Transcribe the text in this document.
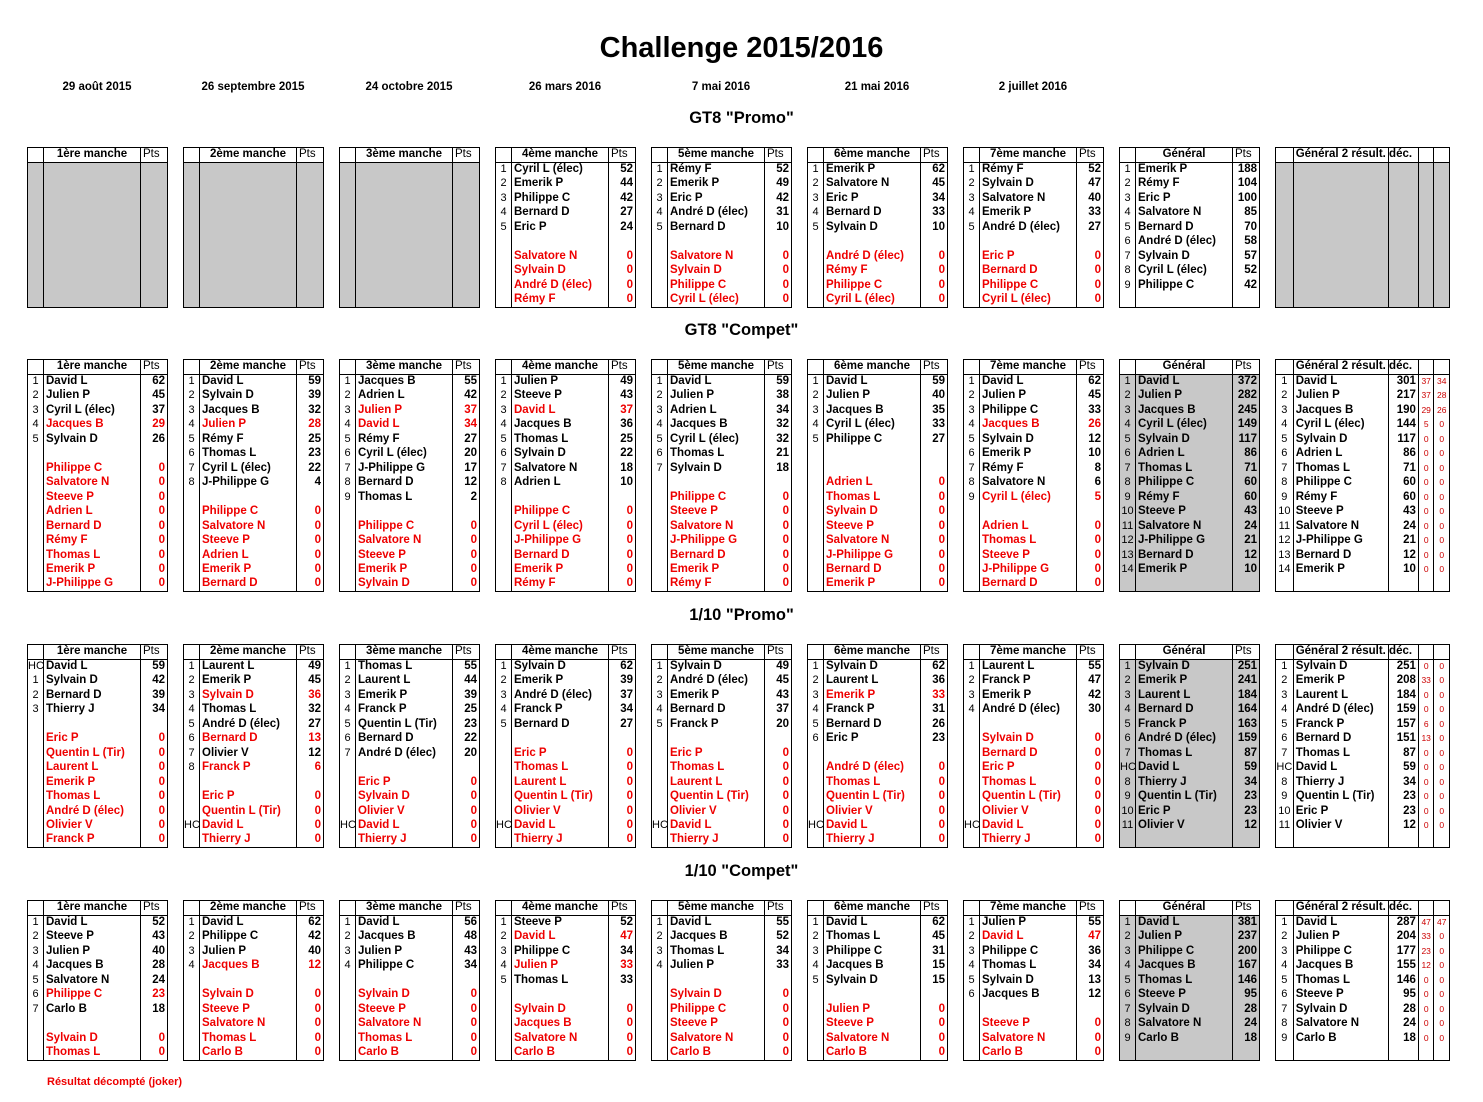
Challenge 2015/2016
29 août 2015	26 septembre 2015	24 octobre 2015	26 mars 2016	7 mai 2016	21 mai 2016	2 juillet 2016
GT8 "Promo"
	1ère manche	Pts

		2ème manche	Pts

		3ème manche	Pts

		4ème manche	Pts
1	Cyril L (élec)	52
2	Emerik P	44
3	Philippe C	42
4	Bernard D	27
5	Eric P	24

	Salvatore N	0
	Sylvain D	0
	André D (élec)	0
	Rémy F	0
	5ème manche	Pts
1	Rémy F	52
2	Emerik P	49
3	Eric P	42
4	André D (élec)	31
5	Bernard D	10

	Salvatore N	0
	Sylvain D	0
	Philippe C	0
	Cyril L (élec)	0
	6ème manche	Pts
1	Emerik P	62
2	Salvatore N	45
3	Eric P	34
4	Bernard D	33
5	Sylvain D	10

	André D (élec)	0
	Rémy F	0
	Philippe C	0
	Cyril L (élec)	0
	7ème manche	Pts
1	Rémy F	52
2	Sylvain D	47
3	Salvatore N	40
4	Emerik P	33
5	André D (élec)	27

	Eric P	0
	Bernard D	0
	Philippe C	0
	Cyril L (élec)	0
	Général	Pts
1	Emerik P	188
2	Rémy F	104
3	Eric P	100
4	Salvatore N	85
5	Bernard D	70
6	André D (élec)	58
7	Sylvain D	57
8	Cyril L (élec)	52
9	Philippe C	42

	Général 2 résult. déc.			

GT8 "Compet"
	1ère manche	Pts
1	David L	62
2	Julien P	45
3	Cyril L (élec)	37
4	Jacques B	29
5	Sylvain D	26

	Philippe C	0
	Salvatore N	0
	Steeve P	0
	Adrien L	0
	Bernard D	0
	Rémy F	0
	Thomas L	0
	Emerik P	0
	J-Philippe G	0
	2ème manche	Pts
1	David L	59
2	Sylvain D	39
3	Jacques B	32
4	Julien P	28
5	Rémy F	25
6	Thomas L	23
7	Cyril L (élec)	22
8	J-Philippe G	4

	Philippe C	0
	Salvatore N	0
	Steeve P	0
	Adrien L	0
	Emerik P	0
	Bernard D	0
	3ème manche	Pts
1	Jacques B	55
2	Adrien L	42
3	Julien P	37
4	David L	34
5	Rémy F	27
6	Cyril L (élec)	20
7	J-Philippe G	17
8	Bernard D	12
9	Thomas L	2

	Philippe C	0
	Salvatore N	0
	Steeve P	0
	Emerik P	0
	Sylvain D	0
	4ème manche	Pts
1	Julien P	49
2	Steeve P	43
3	David L	37
4	Jacques B	36
5	Thomas L	25
6	Sylvain D	22
7	Salvatore N	18
8	Adrien L	10

	Philippe C	0
	Cyril L (élec)	0
	J-Philippe G	0
	Bernard D	0
	Emerik P	0
	Rémy F	0
	5ème manche	Pts
1	David L	59
2	Julien P	38
3	Adrien L	34
4	Jacques B	32
5	Cyril L (élec)	32
6	Thomas L	21
7	Sylvain D	18

	Philippe C	0
	Steeve P	0
	Salvatore N	0
	J-Philippe G	0
	Bernard D	0
	Emerik P	0
	Rémy F	0
	6ème manche	Pts
1	David L	59
2	Julien P	40
3	Jacques B	35
4	Cyril L (élec)	33
5	Philippe C	27

	Adrien L	0
	Thomas L	0
	Sylvain D	0
	Steeve P	0
	Salvatore N	0
	J-Philippe G	0
	Bernard D	0
	Emerik P	0
	7ème manche	Pts
1	David L	62
2	Julien P	45
3	Philippe C	33
4	Jacques B	26
5	Sylvain D	12
6	Emerik P	10
7	Rémy F	8
8	Salvatore N	6
9	Cyril L (élec)	5

	Adrien L	0
	Thomas L	0
	Steeve P	0
	J-Philippe G	0
	Bernard D	0
	Général	Pts
1	David L	372
2	Julien P	282
3	Jacques B	245
4	Cyril L (élec)	149
5	Sylvain D	117
6	Adrien L	86
7	Thomas L	71
8	Philippe C	60
9	Rémy F	60
10	Steeve P	43
11	Salvatore N	24
12	J-Philippe G	21
13	Bernard D	12
14	Emerik P	10

	Général 2 résult. déc.			
1	David L	301	37	34
2	Julien P	217	37	28
3	Jacques B	190	29	26
4	Cyril L (élec)	144	5	0
5	Sylvain D	117	0	0
6	Adrien L	86	0	0
7	Thomas L	71	0	0
8	Philippe C	60	0	0
9	Rémy F	60	0	0
10	Steeve P	43	0	0
11	Salvatore N	24	0	0
12	J-Philippe G	21	0	0
13	Bernard D	12	0	0
14	Emerik P	10	0	0

1/10 "Promo"
	1ère manche	Pts
HC	David L	59
1	Sylvain D	42
2	Bernard D	39
3	Thierry J	34

	Eric P	0
	Quentin L (Tir)	0
	Laurent L	0
	Emerik P	0
	Thomas L	0
	André D (élec)	0
	Olivier V	0
	Franck P	0
	2ème manche	Pts
1	Laurent L	49
2	Emerik P	45
3	Sylvain D	36
4	Thomas L	32
5	André D (élec)	27
6	Bernard D	13
7	Olivier V	12
8	Franck P	6

	Eric P	0
	Quentin L (Tir)	0
HC	David L	0
	Thierry J	0
	3ème manche	Pts
1	Thomas L	55
2	Laurent L	44
3	Emerik P	39
4	Franck P	25
5	Quentin L (Tir)	23
6	Bernard D	22
7	André D (élec)	20

	Eric P	0
	Sylvain D	0
	Olivier V	0
HC	David L	0
	Thierry J	0
	4ème manche	Pts
1	Sylvain D	62
2	Emerik P	39
3	André D (élec)	37
4	Franck P	34
5	Bernard D	27

	Eric P	0
	Thomas L	0
	Laurent L	0
	Quentin L (Tir)	0
	Olivier V	0
HC	David L	0
	Thierry J	0
	5ème manche	Pts
1	Sylvain D	49
2	André D (élec)	45
3	Emerik P	43
4	Bernard D	37
5	Franck P	20

	Eric P	0
	Thomas L	0
	Laurent L	0
	Quentin L (Tir)	0
	Olivier V	0
HC	David L	0
	Thierry J	0
	6ème manche	Pts
1	Sylvain D	62
2	Laurent L	36
3	Emerik P	33
4	Franck P	31
5	Bernard D	26
6	Eric P	23

	André D (élec)	0
	Thomas L	0
	Quentin L (Tir)	0
	Olivier V	0
HC	David L	0
	Thierry J	0
	7ème manche	Pts
1	Laurent L	55
2	Franck P	47
3	Emerik P	42
4	André D (élec)	30

	Sylvain D	0
	Bernard D	0
	Eric P	0
	Thomas L	0
	Quentin L (Tir)	0
	Olivier V	0
HC	David L	0
	Thierry J	0
	Général	Pts
1	Sylvain D	251
2	Emerik P	241
3	Laurent L	184
4	Bernard D	164
5	Franck P	163
6	André D (élec)	159
7	Thomas L	87
HC	David L	59
8	Thierry J	34
9	Quentin L (Tir)	23
10	Eric P	23
11	Olivier V	12

	Général 2 résult. déc.			
1	Sylvain D	251	0	0
2	Emerik P	208	33	0
3	Laurent L	184	0	0
4	André D (élec)	159	0	0
5	Franck P	157	6	0
6	Bernard D	151	13	0
7	Thomas L	87	0	0
HC	David L	59	0	0
8	Thierry J	34	0	0
9	Quentin L (Tir)	23	0	0
10	Eric P	23	0	0
11	Olivier V	12	0	0

1/10 "Compet"
	1ère manche	Pts
1	David L	52
2	Steeve P	43
3	Julien P	40
4	Jacques B	28
5	Salvatore N	24
6	Philippe C	23
7	Carlo B	18

	Sylvain D	0
	Thomas L	0
	2ème manche	Pts
1	David L	62
2	Philippe C	42
3	Julien P	40
4	Jacques B	12

	Sylvain D	0
	Steeve P	0
	Salvatore N	0
	Thomas L	0
	Carlo B	0
	3ème manche	Pts
1	David L	56
2	Jacques B	48
3	Julien P	43
4	Philippe C	34

	Sylvain D	0
	Steeve P	0
	Salvatore N	0
	Thomas L	0
	Carlo B	0
	4ème manche	Pts
1	Steeve P	52
2	David L	47
3	Philippe C	34
4	Julien P	33
5	Thomas L	33

	Sylvain D	0
	Jacques B	0
	Salvatore N	0
	Carlo B	0
	5ème manche	Pts
1	David L	55
2	Jacques B	52
3	Thomas L	34
4	Julien P	33

	Sylvain D	0
	Philippe C	0
	Steeve P	0
	Salvatore N	0
	Carlo B	0
	6ème manche	Pts
1	David L	62
2	Thomas L	45
3	Philippe C	31
4	Jacques B	15
5	Sylvain D	15

	Julien P	0
	Steeve P	0
	Salvatore N	0
	Carlo B	0
	7ème manche	Pts
1	Julien P	55
2	David L	47
3	Philippe C	36
4	Thomas L	34
5	Sylvain D	13
6	Jacques B	12

	Steeve P	0
	Salvatore N	0
	Carlo B	0
	Général	Pts
1	David L	381
2	Julien P	237
3	Philippe C	200
4	Jacques B	167
5	Thomas L	146
6	Steeve P	95
7	Sylvain D	28
8	Salvatore N	24
9	Carlo B	18

	Général 2 résult. déc.			
1	David L	287	47	47
2	Julien P	204	33	0
3	Philippe C	177	23	0
4	Jacques B	155	12	0
5	Thomas L	146	0	0
6	Steeve P	95	0	0
7	Sylvain D	28	0	0
8	Salvatore N	24	0	0
9	Carlo B	18	0	0

Résultat décompté (joker)
